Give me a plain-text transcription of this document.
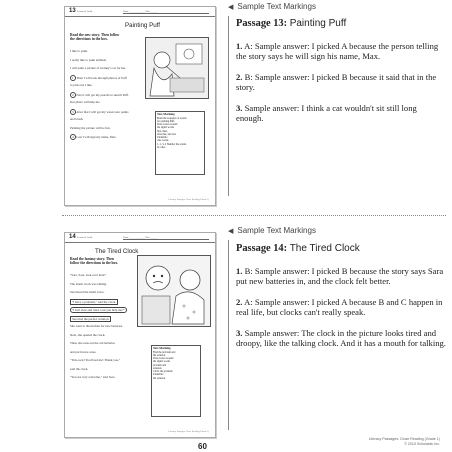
13 Lesson & Guide	Name _____________ Date ______
Painting Puff
Read the new story. Then follow the directions in the box.
I like to paint.
I really like to paint animals.
I will paint a picture of Granny's cat for her.
1 Then I will look through photos of Puff
to pick one I like.
2 Next I will get my pencils to sketch Puff.
Dot photo will help me.
3 After that I will get my watercolor paints
and brush.
Painting the picture will be fun.
4 Last I will sign my name, Max.
Text Marking
Mark the sequence of events
for painting Puff.
Draw boxes around
the signal words
first, then,
after that, and last.
Underline
clue words.
1, 2, 3, 4 Number the events
in order.
Literacy Passages: Close Reading (Grade 1)
◀ Sample Text Markings
Passage 13: Painting Puff
1. A: Sample answer: I picked A because the person telling the story says he will sign his name, Max.
2. B: Sample answer: I picked B because it said that in the story.
3. Sample answer: I think a cat wouldn't sit still long enough.
14 Lesson & Guide	Name _____________ Date ______
The Tired Clock
Read the fantasy story. Then follow the directions in the box.
"Sara, Sara, look over here!"
The alarm clock was talking.
Sara heard the small voice.
"I have a problem," said the clock.
"I feel slow and tired. Can you help me?"
Sara had the perfect solution.
She went to the kitchen for new batteries.
Next, she opened the clock.
Then, she took out the old batteries
and put in new ones.
"Tick-tock! You fixed me! Thank you,"
said the clock.
"You are very welcome," said Sara.
Text Marking
Find the problem and
the solution.
Draw boxes around
the signal words
problem and
solution.
Circle the problem.
Underline
the solution.
Literacy Passages: Close Reading (Grade 1)
◀ Sample Text Markings
Passage 14: The Tired Clock
1. B: Sample answer: I picked B because the story says Sara put new batteries in, and the clock felt better.
2. A: Sample answer: I picked A because B and C happen in real life, but clocks can't really speak.
3. Sample answer: The clock in the picture looks tired and droopy, like the talking clock. And it has a mouth for talking.
60
Literacy Passages: Close Reading (Grade 1)
© 2015 Scholastic Inc.
